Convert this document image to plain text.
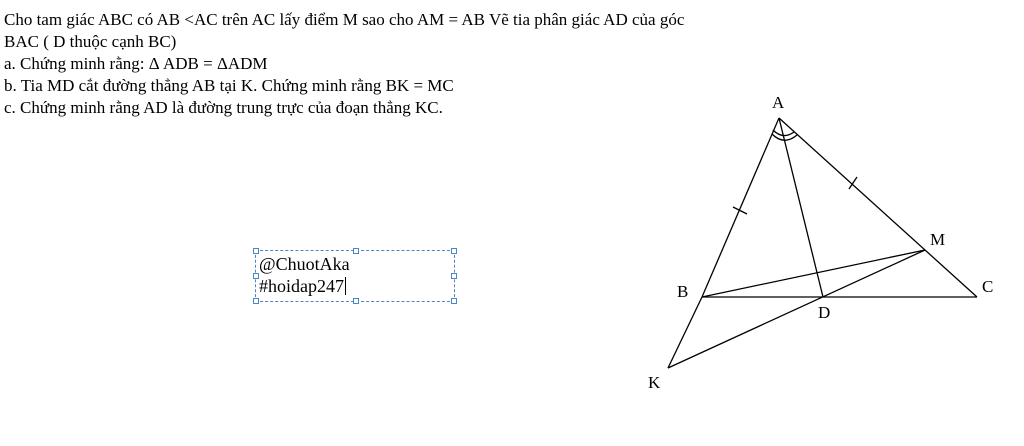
Cho tam giác ABC có AB <AC trên AC lấy điểm M sao cho AM = AB Vẽ tia phân giác AD của góc
BAC ( D thuộc cạnh BC)
a. Chứng minh rằng: Δ ADB = ΔADM
b. Tia MD cắt đường thẳng AB tại K. Chứng minh rằng BK = MC
c. Chứng minh rằng AD là đường trung trực của đoạn thẳng KC.
@ChuotAka
#hoidap247
A
B	C
D
M
K
